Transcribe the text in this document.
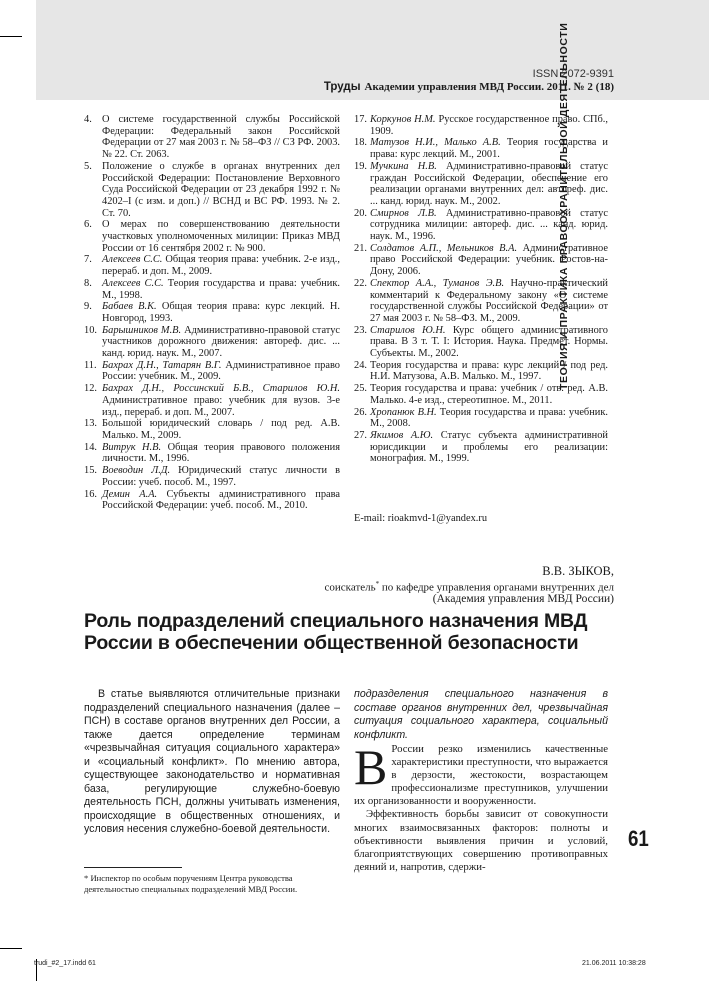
ISSN 2072-9391
Труды Академии управления МВД России. 2011. № 2 (18)
ТЕОРИЯ И ПРАКТИКА ПРАВООХРАНИТЕЛЬНОЙ ДЕЯТЕЛЬНОСТИ
61
4. О системе государственной службы Российской Федерации: Федеральный закон Российской Федерации от 27 мая 2003 г. № 58–ФЗ // СЗ РФ. 2003. № 22. Ст. 2063.
5. Положение о службе в органах внутренних дел Российской Федерации: Постановление Верховного Суда Российской Федерации от 23 декабря 1992 г. № 4202–I (с изм. и доп.) // ВСНД и ВС РФ. 1993. № 2. Ст. 70.
6. О мерах по совершенствованию деятельности участковых уполномоченных милиции: Приказ МВД России от 16 сентября 2002 г. № 900.
7. Алексеев С.С. Общая теория права: учебник. 2-е изд., перераб. и доп. М., 2009.
8. Алексеев С.С. Теория государства и права: учебник. М., 1998.
9. Бабаев В.К. Общая теория права: курс лекций. Н. Новгород, 1993.
10. Барышников М.В. Административно-правовой статус участников дорожного движения: автореф. дис. ... канд. юрид. наук. М., 2007.
11. Бахрах Д.Н., Татарян В.Г. Административное право России: учебник. М., 2009.
12. Бахрах Д.Н., Россинский Б.В., Старилов Ю.Н. Административное право: учебник для вузов. 3-е изд., перераб. и доп. М., 2007.
13. Большой юридический словарь / под ред. А.В. Малько. М., 2009.
14. Витрук Н.В. Общая теория правового положения личности. М., 1996.
15. Воеводин Л.Д. Юридический статус личности в России: учеб. пособ. М., 1997.
16. Демин А.А. Субъекты административного права Российской Федерации: учеб. пособ. М., 2010.
17. Коркунов Н.М. Русское государственное право. СПб., 1909.
18. Матузов Н.И., Малько А.В. Теория государства и права: курс лекций. М., 2001.
19. Мучкина Н.В. Административно-правовой статус граждан Российской Федерации, обеспечение его реализации органами внутренних дел: автореф. дис. ... канд. юрид. наук. М., 2002.
20. Смирнов Л.В. Административно-правовой статус сотрудника милиции: автореф. дис. ... канд. юрид. наук. М., 1996.
21. Солдатов А.П., Мельников В.А. Административное право Российской Федерации: учебник. Ростов-на-Дону, 2006.
22. Спектор А.А., Туманов Э.В. Научно-практический комментарий к Федеральному закону «О системе государственной службы Российской Федерации» от 27 мая 2003 г. № 58–ФЗ. М., 2009.
23. Старилов Ю.Н. Курс общего административного права. В 3 т. Т. I: История. Наука. Предмет. Нормы. Субъекты. М., 2002.
24. Теория государства и права: курс лекций / под ред. Н.И. Матузова, А.В. Малько. М., 1997.
25. Теория государства и права: учебник / отв. ред. А.В. Малько. 4-е изд., стереотипное. М., 2011.
26. Хропанюк В.Н. Теория государства и права: учебник. М., 2008.
27. Якимов А.Ю. Статус субъекта административной юрисдикции и проблемы его реализации: монография. М., 1999.
E-mail: rioakmvd-1@yandex.ru
В.В. ЗЫКОВ,
соискатель* по кафедре управления органами внутренних дел
(Академия управления МВД России)
Роль подразделений специального назначения МВД России в обеспечении общественной безопасности
В статье выявляются отличительные признаки подразделений специального назначения (далее – ПСН) в составе органов внутренних дел России, а также дается определение терминам «чрезвычайная ситуация социального характера» и «социальный конфликт». По мнению автора, существующее законодательство и нормативная база, регулирующие служебно-боевую деятельность ПСН, должны учитывать изменения, происходящие в общественных отношениях, и условия несения служебно-боевой деятельности.
подразделения специального назначения в составе органов внутренних дел, чрезвычайная ситуация социального характера, социальный конфликт.

В России резко изменились качественные характеристики преступности, что выражается в дерзости, жестокости, возрастающем профессионализме преступников, улучшении их организованности и вооруженности.

Эффективность борьбы зависит от совокупности многих взаимосвязанных факторов: полноты и объективности выявления причин и условий, благоприятствующих совершению противоправных деяний и, напротив, сдержи-

* Инспектор по особым поручениям Центра руководства деятельностью специальных подразделений МВД России.
trudi_#2_17.indd 61	21.06.2011 10:38:28
